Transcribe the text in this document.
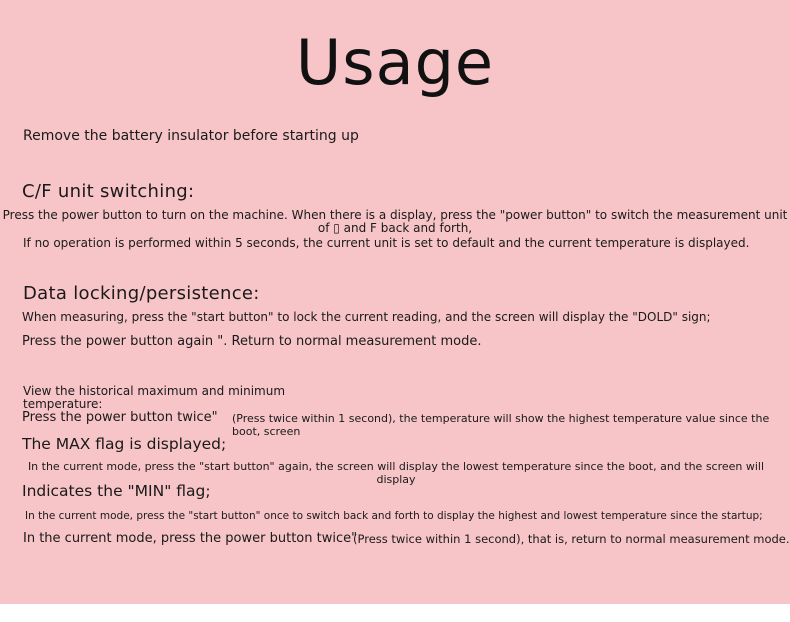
Usage
Remove the battery insulator before starting up
C/F unit switching:
Press the power button to turn on the machine. When there is a display, press the "power button" to switch the measurement unit of ▯ and F back and forth,
If no operation is performed within 5 seconds, the current unit is set to default and the current temperature is displayed.
Data locking/persistence:
When measuring, press the "start button" to lock the current reading, and the screen will display the "DOLD" sign;
Press the power button again ". Return to normal measurement mode.
View the historical maximum and minimum temperature:
Press the power button twice" (Press twice within 1 second), the temperature will show the highest temperature value since the boot, screen
The MAX flag is displayed;
In the current mode, press the "start button" again, the screen will display the lowest temperature since the boot, and the screen will display
Indicates the "MIN" flag;
In the current mode, press the "start button" once to switch back and forth to display the highest and lowest temperature since the startup;
In the current mode, press the power button twice"
(Press twice within 1 second), that is, return to normal measurement mode.
